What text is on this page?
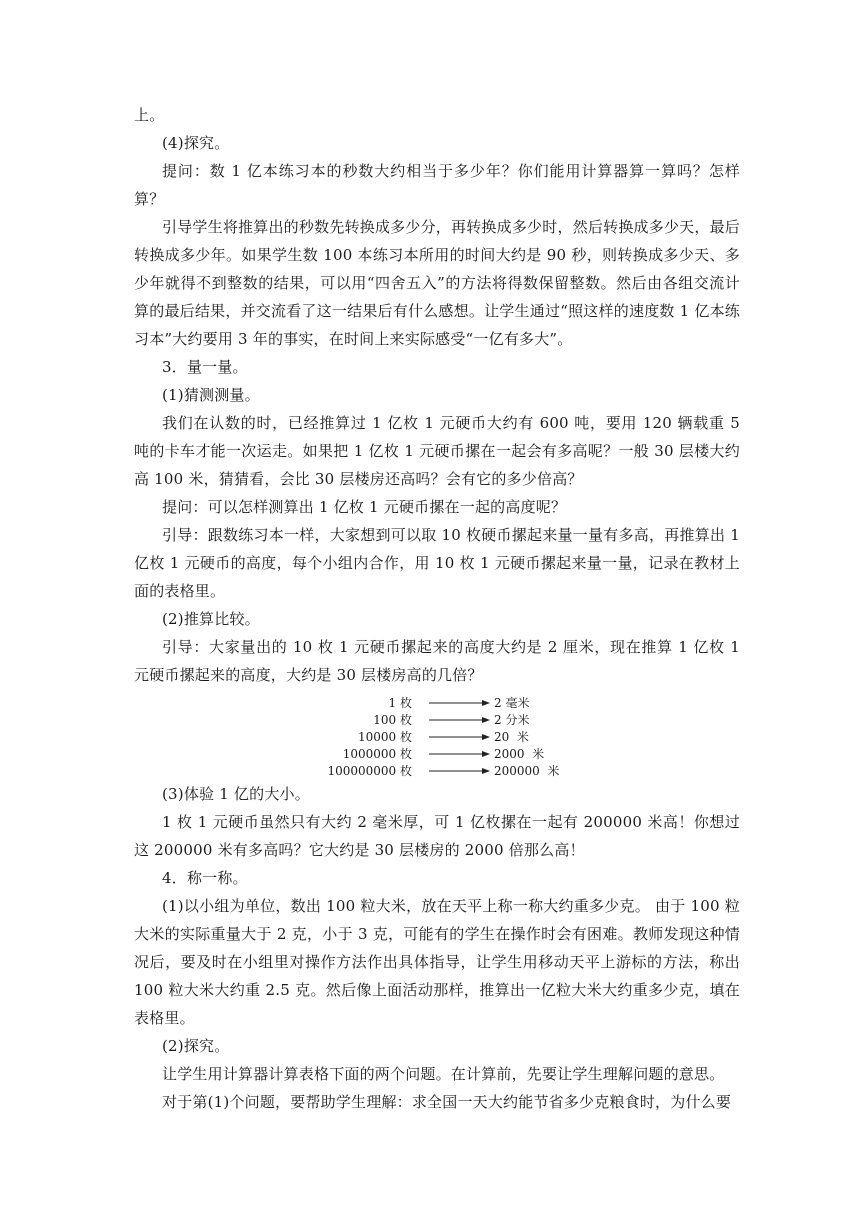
上。

(4)探究。

提问：数 1 亿本练习本的秒数大约相当于多少年？你们能用计算器算一算吗？怎样算？

引导学生将推算出的秒数先转换成多少分，再转换成多少时，然后转换成多少天，最后转换成多少年。如果学生数 100 本练习本所用的时间大约是 90 秒，则转换成多少天、多少年就得不到整数的结果，可以用“四舍五入”的方法将得数保留整数。然后由各组交流计算的最后结果，并交流看了这一结果后有什么感想。让学生通过“照这样的速度数 1 亿本练习本”大约要用 3 年的事实，在时间上来实际感受“一亿有多大”。

3．量一量。

(1)猜测测量。

我们在认数的时，已经推算过 1 亿枚 1 元硬币大约有 600 吨，要用 120 辆载重 5 吨的卡车才能一次运走。如果把 1 亿枚 1 元硬币摞在一起会有多高呢？一般 30 层楼大约高 100 米，猜猜看，会比 30 层楼房还高吗？会有它的多少倍高？

提问：可以怎样测算出 1 亿枚 1 元硬币摞在一起的高度呢？

引导：跟数练习本一样，大家想到可以取 10 枚硬币摞起来量一量有多高，再推算出 1 亿枚 1 元硬币的高度，每个小组内合作，用 10 枚 1 元硬币摞起来量一量，记录在教材上面的表格里。

(2)推算比较。

引导：大家量出的 10 枚 1 元硬币摞起来的高度大约是 2 厘米，现在推算 1 亿枚 1 元硬币摞起来的高度，大约是 30 层楼房高的几倍？

1 枚	2 毫米
100 枚	2 分米
10000 枚	20  米
1000000 枚	2000  米
100000000 枚	200000  米

(3)体验 1 亿的大小。

1 枚 1 元硬币虽然只有大约 2 毫米厚，可 1 亿枚摞在一起有 200000 米高！你想过这 200000 米有多高吗？它大约是 30 层楼房的 2000 倍那么高！

4．称一称。

(1)以小组为单位，数出 100 粒大米，放在天平上称一称大约重多少克。 由于 100 粒大米的实际重量大于 2 克，小于 3 克，可能有的学生在操作时会有困难。教师发现这种情况后，要及时在小组里对操作方法作出具体指导，让学生用移动天平上游标的方法，称出 100 粒大米大约重 2.5 克。然后像上面活动那样，推算出一亿粒大米大约重多少克，填在表格里。

(2)探究。

让学生用计算器计算表格下面的两个问题。在计算前，先要让学生理解问题的意思。

对于第(1)个问题，要帮助学生理解：求全国一天大约能节省多少克粮食时，为什么要
